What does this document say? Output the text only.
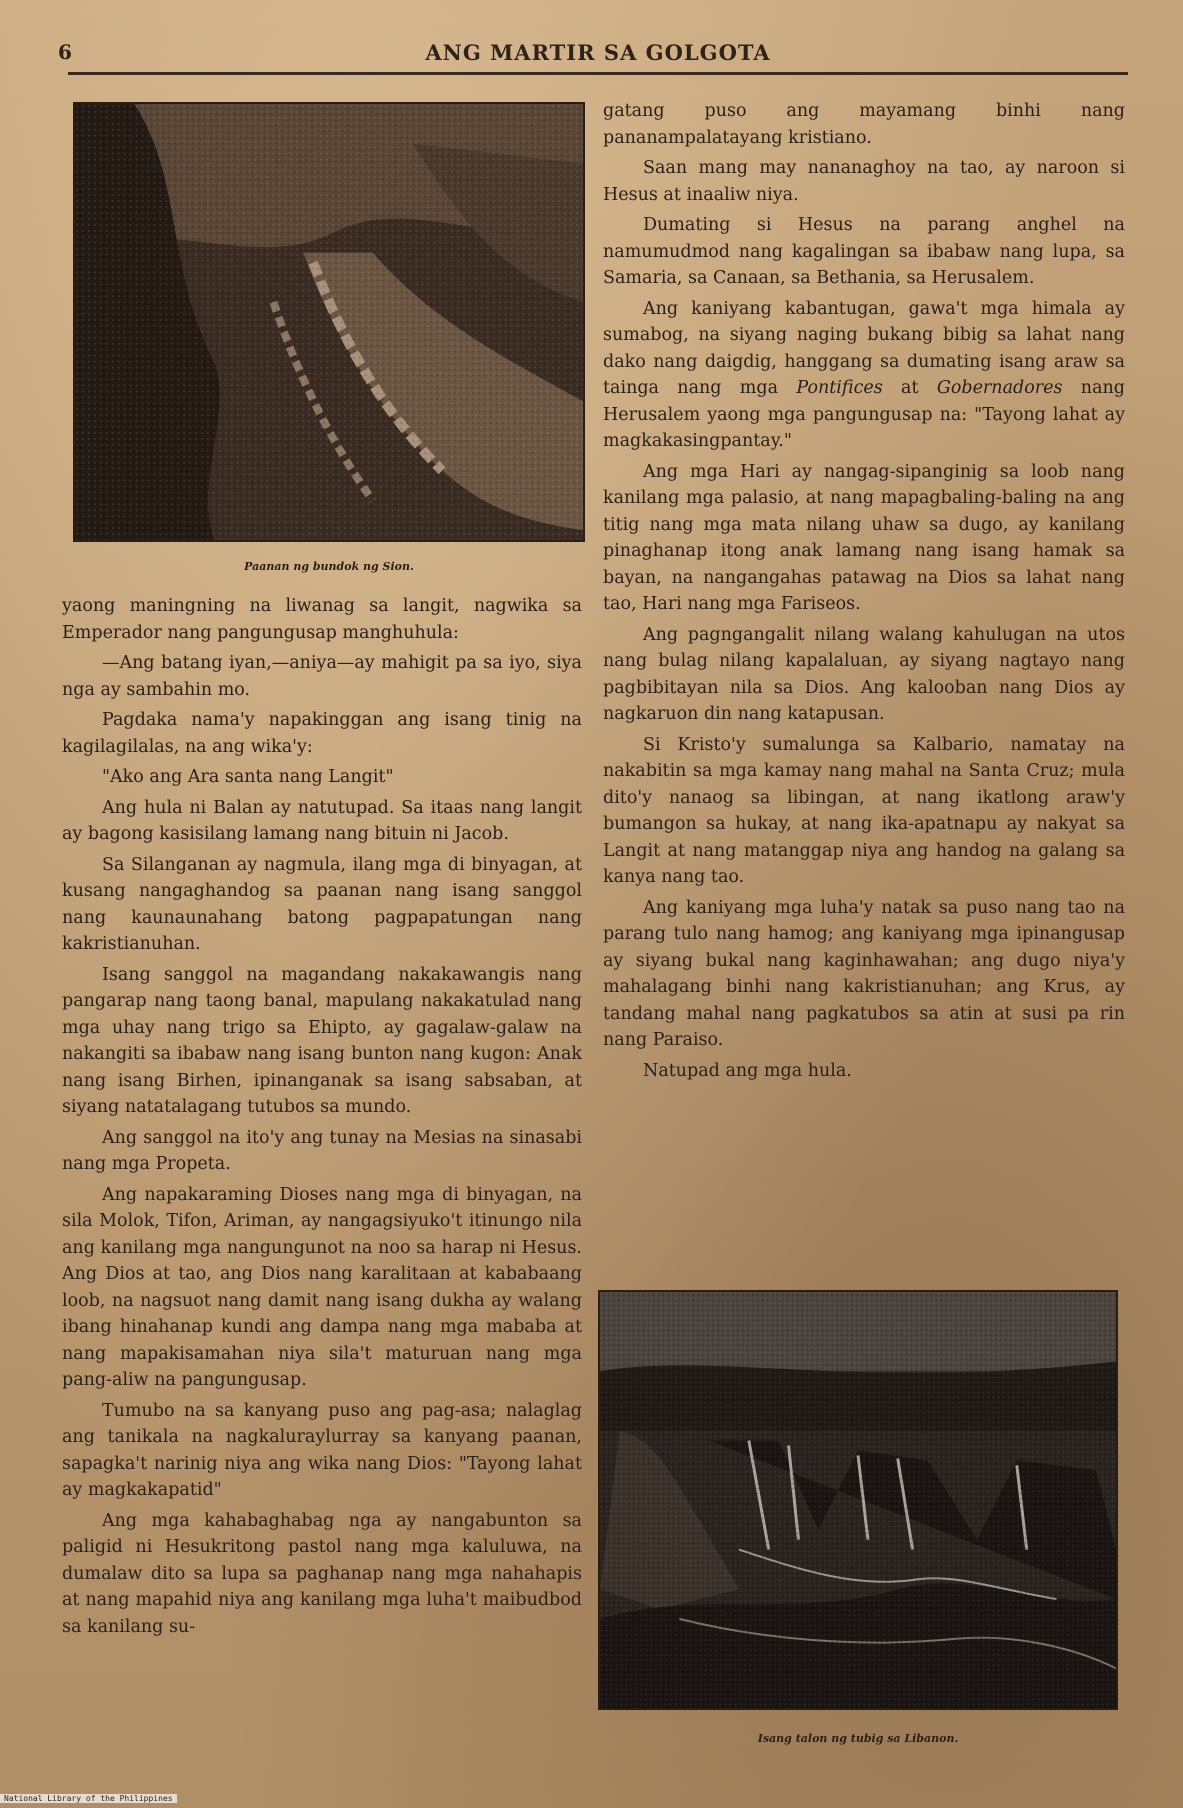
6	ANG MARTIR SA GOLGOTA
Paanan ng bundok ng Sion.

yaong maningning na liwanag sa langit, nagwika sa Emperador nang pangungusap manghuhula:

—Ang batang iyan,—aniya—ay mahigit pa sa iyo, siya nga ay sambahin mo.

Pagdaka nama'y napakinggan ang isang tinig na kagilagilalas, na ang wika'y:

"Ako ang Ara santa nang Langit"

Ang hula ni Balan ay natutupad. Sa itaas nang langit ay bagong kasisilang lamang nang bituin ni Jacob.

Sa Silanganan ay nagmula, ilang mga di binyagan, at kusang nangaghandog sa paanan nang isang sanggol nang kaunaunahang batong pagpapatungan nang kakristianuhan.

Isang sanggol na magandang nakakawangis nang pangarap nang taong banal, mapulang nakakatulad nang mga uhay nang trigo sa Ehipto, ay gagalaw-galaw na nakangiti sa ibabaw nang isang bunton nang kugon: Anak nang isang Birhen, ipinanganak sa isang sabsaban, at siyang natatalagang tutubos sa mundo.

Ang sanggol na ito'y ang tunay na Mesias na sinasabi nang mga Propeta.

Ang napakaraming Dioses nang mga di binyagan, na sila Molok, Tifon, Ariman, ay nangagsiyuko't itinungo nila ang kanilang mga nangungunot na noo sa harap ni Hesus. Ang Dios at tao, ang Dios nang karalitaan at kababaang loob, na nagsuot nang damit nang isang dukha ay walang ibang hinahanap kundi ang dampa nang mga mababa at nang mapakisamahan niya sila't maturuan nang mga pang-aliw na pangungusap.

Tumubo na sa kanyang puso ang pag-asa; nalaglag ang tanikala na nagkaluraylurray sa kanyang paanan, sapagka't narinig niya ang wika nang Dios: "Tayong lahat ay magkakapatid"

Ang mga kahabaghabag nga ay nangabunton sa paligid ni Hesukritong pastol nang mga kaluluwa, na dumalaw dito sa lupa sa paghanap nang mga nahahapis at nang mapahid niya ang kanilang mga luha't maibudbod sa kanilang su-

gatang puso ang mayamang binhi nang pananampalatayang kristiano.

Saan mang may nananaghoy na tao, ay naroon si Hesus at inaaliw niya.

Dumating si Hesus na parang anghel na namumudmod nang kagalingan sa ibabaw nang lupa, sa Samaria, sa Canaan, sa Bethania, sa Herusalem.

Ang kaniyang kabantugan, gawa't mga himala ay sumabog, na siyang naging bukang bibig sa lahat nang dako nang daigdig, hanggang sa dumating isang araw sa tainga nang mga Pontifices at Gobernadores nang Herusalem yaong mga pangungusap na: "Tayong lahat ay magkakasingpantay."

Ang mga Hari ay nangag-sipanginig sa loob nang kanilang mga palasio, at nang mapagbaling-baling na ang titig nang mga mata nilang uhaw sa dugo, ay kanilang pinaghanap itong anak lamang nang isang hamak sa bayan, na nangangahas patawag na Dios sa lahat nang tao, Hari nang mga Fariseos.

Ang pagngangalit nilang walang kahulugan na utos nang bulag nilang kapalaluan, ay siyang nagtayo nang pagbibitayan nila sa Dios. Ang kalooban nang Dios ay nagkaruon din nang katapusan.

Si Kristo'y sumalunga sa Kalbario, namatay na nakabitin sa mga kamay nang mahal na Santa Cruz; mula dito'y nanaog sa libingan, at nang ikatlong araw'y bumangon sa hukay, at nang ika-apatnapu ay nakyat sa Langit at nang matanggap niya ang handog na galang sa kanya nang tao.

Ang kaniyang mga luha'y natak sa puso nang tao na parang tulo nang hamog; ang kaniyang mga ipinangusap ay siyang bukal nang kaginhawahan; ang dugo niya'y mahalagang binhi nang kakristianuhan; ang Krus, ay tandang mahal nang pagkatubos sa atin at susi pa rin nang Paraiso.

Natupad ang mga hula.

Isang talon ng tubig sa Libanon.
National Library of the Philippines
